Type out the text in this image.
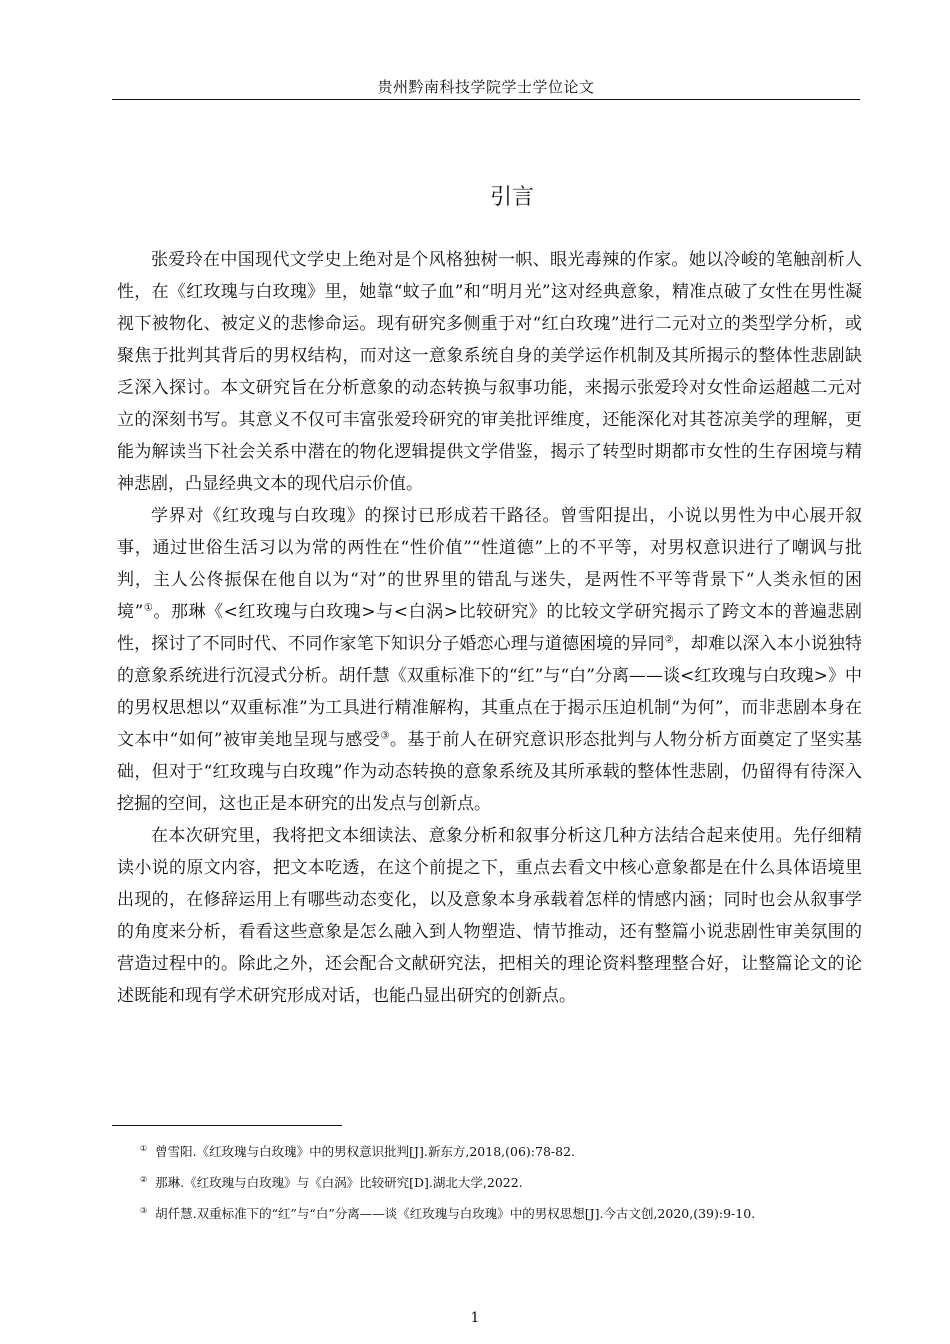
贵州黔南科技学院学士学位论文
引言

张爱玲在中国现代文学史上绝对是个风格独树一帜、眼光毒辣的作家。她以冷峻的笔触剖析人性，在《红玫瑰与白玫瑰》里，她靠“蚊子血”和“明月光”这对经典意象，精准点破了女性在男性凝视下被物化、被定义的悲惨命运。现有研究多侧重于对“红白玫瑰”进行二元对立的类型学分析，或聚焦于批判其背后的男权结构，而对这一意象系统自身的美学运作机制及其所揭示的整体性悲剧缺乏深入探讨。本文研究旨在分析意象的动态转换与叙事功能，来揭示张爱玲对女性命运超越二元对立的深刻书写。其意义不仅可丰富张爱玲研究的审美批评维度，还能深化对其苍凉美学的理解，更能为解读当下社会关系中潜在的物化逻辑提供文学借鉴，揭示了转型时期都市女性的生存困境与精神悲剧，凸显经典文本的现代启示价值。

学界对《红玫瑰与白玫瑰》的探讨已形成若干路径。曾雪阳提出，小说以男性为中心展开叙事，通过世俗生活习以为常的两性在“性价值”“性道德”上的不平等，对男权意识进行了嘲讽与批判，主人公佟振保在他自以为“对”的世界里的错乱与迷失，是两性不平等背景下“人类永恒的困境”①。那琳《<红玫瑰与白玫瑰>与<白涡>比较研究》的比较文学研究揭示了跨文本的普遍悲剧性，探讨了不同时代、不同作家笔下知识分子婚恋心理与道德困境的异同②，却难以深入本小说独特的意象系统进行沉浸式分析。胡仟慧《双重标准下的“红”与“白”分离——谈<红玫瑰与白玫瑰>》中的男权思想以“双重标准”为工具进行精准解构，其重点在于揭示压迫机制“为何”，而非悲剧本身在文本中“如何”被审美地呈现与感受③。基于前人在研究意识形态批判与人物分析方面奠定了坚实基础，但对于“红玫瑰与白玫瑰”作为动态转换的意象系统及其所承载的整体性悲剧，仍留得有待深入挖掘的空间，这也正是本研究的出发点与创新点。

在本次研究里，我将把文本细读法、意象分析和叙事分析这几种方法结合起来使用。先仔细精读小说的原文内容，把文本吃透，在这个前提之下，重点去看文中核心意象都是在什么具体语境里出现的，在修辞运用上有哪些动态变化，以及意象本身承载着怎样的情感内涵；同时也会从叙事学的角度来分析，看看这些意象是怎么融入到人物塑造、情节推动，还有整篇小说悲剧性审美氛围的营造过程中的。除此之外，还会配合文献研究法，把相关的理论资料整理整合好，让整篇论文的论述既能和现有学术研究形成对话，也能凸显出研究的创新点。

① 曾雪阳.《红玫瑰与白玫瑰》中的男权意识批判[J].新东方,2018,(06):78-82.
② 那琳.《红玫瑰与白玫瑰》与《白涡》比较研究[D].湖北大学,2022.
③ 胡仟慧.双重标准下的“红”与“白”分离——谈《红玫瑰与白玫瑰》中的男权思想[J].今古文创,2020,(39):9-10.
1
